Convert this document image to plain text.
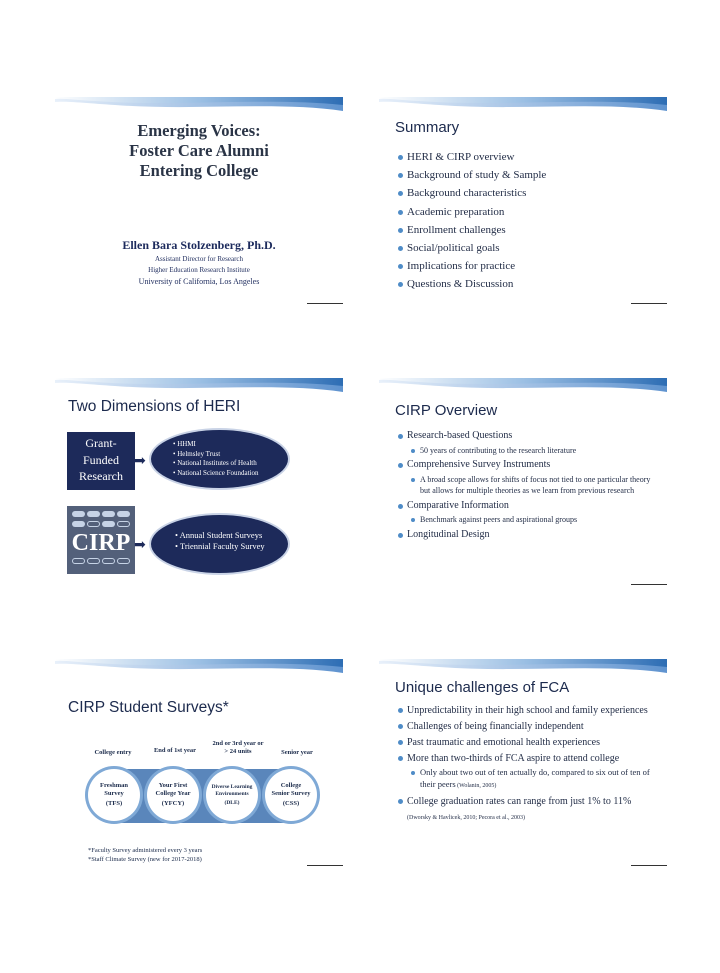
Emerging Voices:
Foster Care Alumni
Entering College
Ellen Bara Stolzenberg, Ph.D.
Assistant Director for Research
Higher Education Research Institute
University of California, Los Angeles
Summary
HERI & CIRP overview
Background of study & Sample
Background characteristics
Academic preparation
Enrollment challenges
Social/political goals
Implications for practice
Questions & Discussion
Two Dimensions of HERI
Grant-
Funded
Research
➡
• HHMI
• Helmsley Trust
• National Institutes of Health
• National Science Foundation
CIRP ➡
• Annual Student Surveys
• Triennial Faculty Survey
CIRP Overview
Research-based Questions
50 years of contributing to the research literature
Comprehensive Survey Instruments
A broad scope allows for shifts of focus not tied to one particular theory but allows for multiple theories as we learn from previous research
Comparative Information
Benchmark against peers and aspirational groups
Longitudinal Design
CIRP Student Surveys*
College entry	End of 1st year
2nd or 3rd year or > 24 units	Senior year
Freshman Survey
(TFS)
Your First College Year
(YFCY)
Diverse Learning Environments
(DLE)
College Senior Survey
(CSS)
*Faculty Survey administered every 3 years
*Staff Climate Survey (new for 2017-2018)
Unique challenges of FCA
Unpredictability in their high school and family experiences
Challenges of being financially independent
Past traumatic and emotional health experiences
More than two-thirds of FCA aspire to attend college
Only about two out of ten actually do, compared to six out of ten of their peers (Wolanin, 2005)
College graduation rates can range from just 1% to 11% (Dworsky & Havlicek, 2010; Pecora et al., 2003)
